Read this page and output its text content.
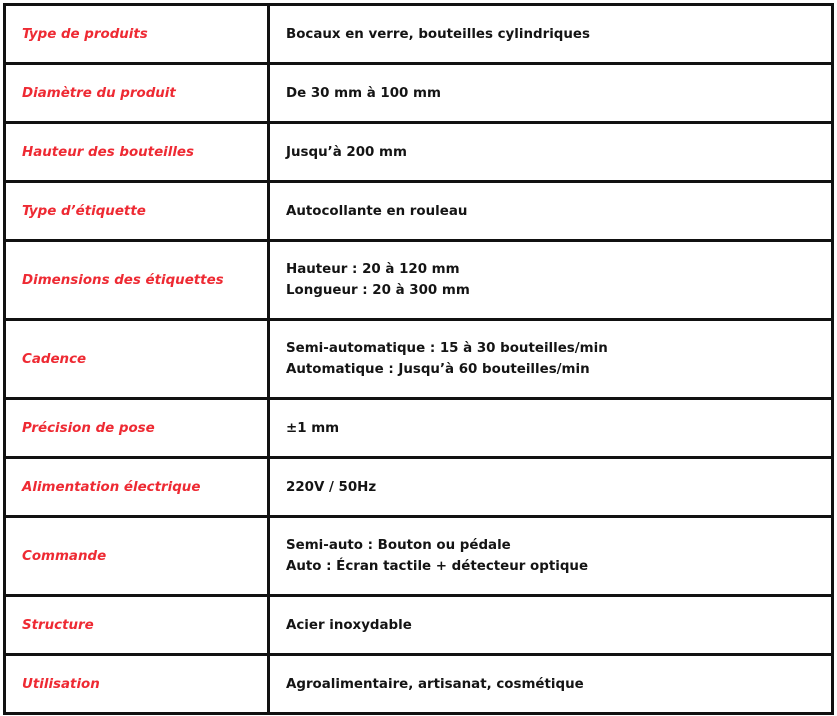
Type de produits	Bocaux en verre, bouteilles cylindriques

Diamètre du produit	De 30 mm à 100 mm

Hauteur des bouteilles	Jusqu’à 200 mm

Type d’étiquette	Autocollante en rouleau

Dimensions des étiquettes	Hauteur : 20 à 120 mm
Longueur : 20 à 300 mm

Cadence	Semi-automatique : 15 à 30 bouteilles/min
Automatique : Jusqu’à 60 bouteilles/min

Précision de pose	±1 mm

Alimentation électrique	220V / 50Hz

Commande	Semi-auto : Bouton ou pédale
Auto : Écran tactile + détecteur optique

Structure	Acier inoxydable

Utilisation	Agroalimentaire, artisanat, cosmétique
